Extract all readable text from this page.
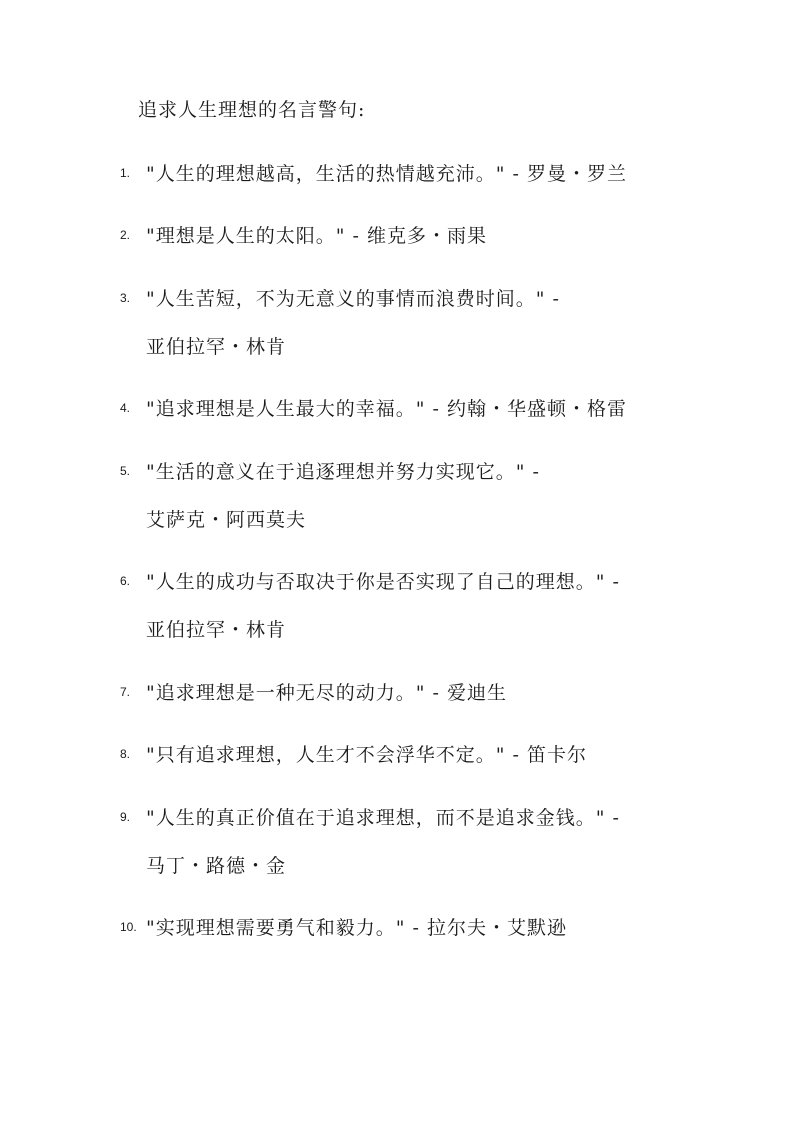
追求人生理想的名言警句:
1. "人生的理想越高，生活的热情越充沛。" - 罗曼・罗兰
2. "理想是人生的太阳。" - 维克多・雨果
3. "人生苦短，不为无意义的事情而浪费时间。" -
亚伯拉罕・林肯
4. "追求理想是人生最大的幸福。" - 约翰・华盛顿・格雷
5. "生活的意义在于追逐理想并努力实现它。" -
艾萨克・阿西莫夫
6. "人生的成功与否取决于你是否实现了自己的理想。" -
亚伯拉罕・林肯
7. "追求理想是一种无尽的动力。" - 爱迪生
8. "只有追求理想，人生才不会浮华不定。" - 笛卡尔
9. "人生的真正价值在于追求理想，而不是追求金钱。" -
马丁・路德・金
10. "实现理想需要勇气和毅力。" - 拉尔夫・艾默逊
